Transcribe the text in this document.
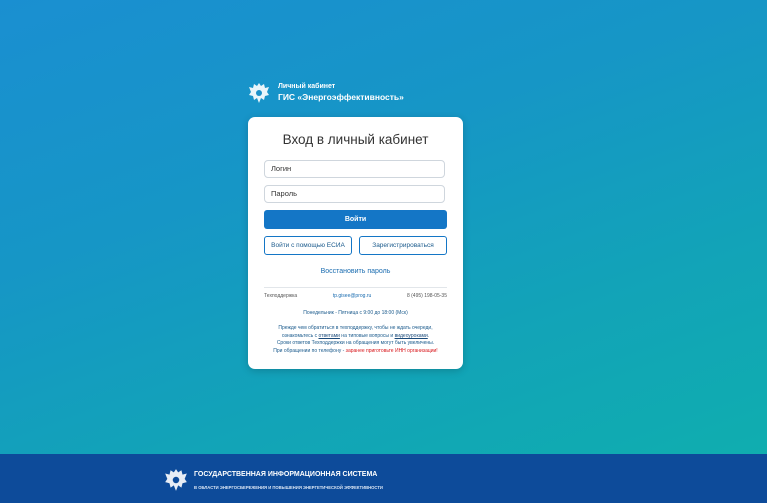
Личный кабинет
ГИС «Энергоэффективность»
Вход в личный кабинет
Логин
Пароль
Войти
Войти с помощью ЕСИА	Зарегистрироваться
Восстановить пароль
Техподдержка	tp.gisee@prog.ru	8 (495) 198-05-35
Понедельник - Пятница с 9:00 до 18:00 (Мск)
Прежде чем обратиться в техподдержку, чтобы не ждать очереди,
ознакомьтесь с ответами на типовые вопросы и видеоуроками.
Сроки ответов Техподдержки на обращения могут быть увеличены.
При обращении по телефону - заранее приготовьте ИНН организации!
ГОСУДАРСТВЕННАЯ ИНФОРМАЦИОННАЯ СИСТЕМА
В ОБЛАСТИ ЭНЕРГОСБЕРЕЖЕНИЯ И ПОВЫШЕНИЯ ЭНЕРГЕТИЧЕСКОЙ ЭФФЕКТИВНОСТИ
